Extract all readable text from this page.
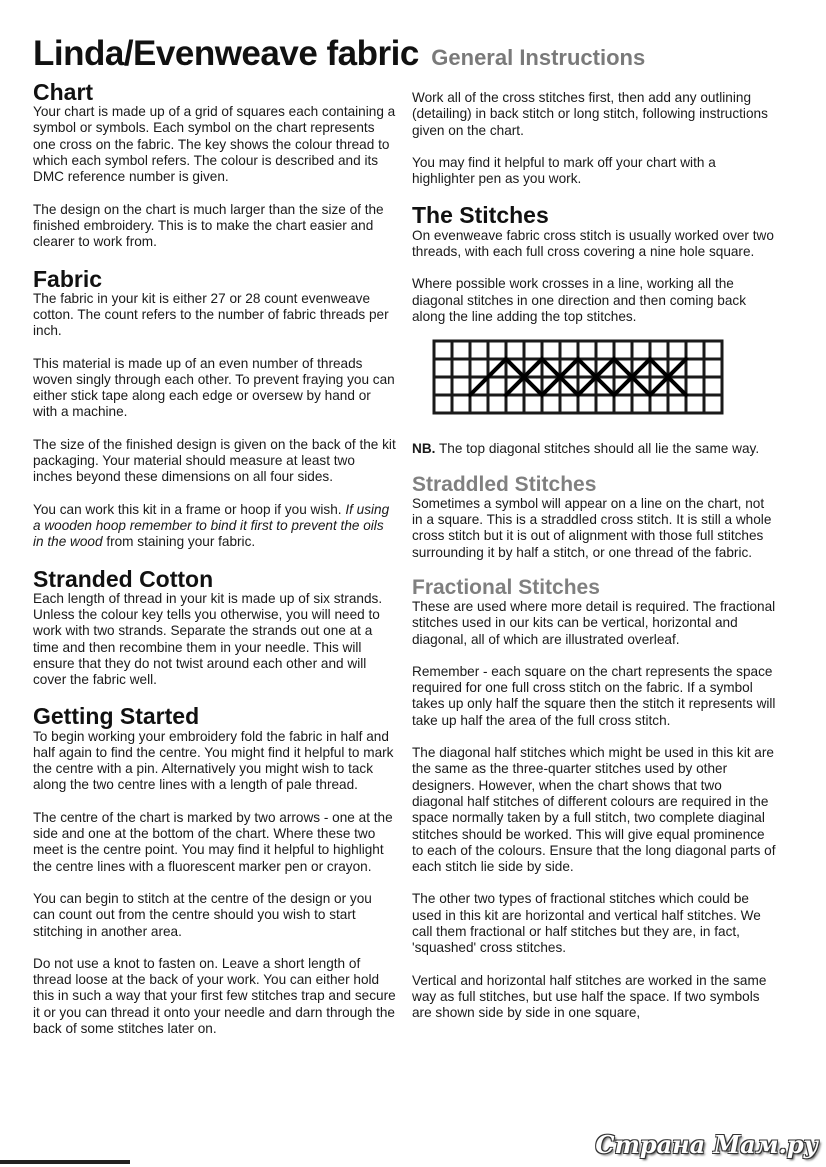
Linda/Evenweave fabric General Instructions
Chart

Your chart is made up of a grid of squares each containing a symbol or symbols. Each symbol on the chart represents one cross on the fabric. The key shows the colour thread to which each symbol refers. The colour is described and its DMC reference number is given.

The design on the chart is much larger than the size of the finished embroidery. This is to make the chart easier and clearer to work from.

Fabric

The fabric in your kit is either 27 or 28 count evenweave cotton. The count refers to the number of fabric threads per inch.

This material is made up of an even number of threads woven singly through each other. To prevent fraying you can either stick tape along each edge or oversew by hand or with a machine.

The size of the finished design is given on the back of the kit packaging. Your material should measure at least two inches beyond these dimensions on all four sides.

You can work this kit in a frame or hoop if you wish. If using a wooden hoop remember to bind it first to prevent the oils in the wood from staining your fabric.

Stranded Cotton

Each length of thread in your kit is made up of six strands. Unless the colour key tells you otherwise, you will need to work with two strands. Separate the strands out one at a time and then recombine them in your needle. This will ensure that they do not twist around each other and will cover the fabric well.

Getting Started

To begin working your embroidery fold the fabric in half and half again to find the centre. You might find it helpful to mark the centre with a pin. Alternatively you might wish to tack along the two centre lines with a length of pale thread.

The centre of the chart is marked by two arrows - one at the side and one at the bottom of the chart. Where these two meet is the centre point. You may find it helpful to highlight the centre lines with a fluorescent marker pen or crayon.

You can begin to stitch at the centre of the design or you can count out from the centre should you wish to start stitching in another area.

Do not use a knot to fasten on. Leave a short length of thread loose at the back of your work. You can either hold this in such a way that your first few stitches trap and secure it or you can thread it onto your needle and darn through the back of some stitches later on.

Work all of the cross stitches first, then add any outlining (detailing) in back stitch or long stitch, following instructions given on the chart.

You may find it helpful to mark off your chart with a highlighter pen as you work.

The Stitches

On evenweave fabric cross stitch is usually worked over two threads, with each full cross covering a nine hole square.

Where possible work crosses in a line, working all the diagonal stitches in one direction and then coming back along the line adding the top stitches.

NB. The top diagonal stitches should all lie the same way.

Straddled Stitches

Sometimes a symbol will appear on a line on the chart, not in a square. This is a straddled cross stitch. It is still a whole cross stitch but it is out of alignment with those full stitches surrounding it by half a stitch, or one thread of the fabric.

Fractional Stitches

These are used where more detail is required. The fractional stitches used in our kits can be vertical, horizontal and diagonal, all of which are illustrated overleaf.

Remember - each square on the chart represents the space required for one full cross stitch on the fabric. If a symbol takes up only half the square then the stitch it represents will take up half the area of the full cross stitch.

The diagonal half stitches which might be used in this kit are the same as the three-quarter stitches used by other designers. However, when the chart shows that two diagonal half stitches of different colours are required in the space normally taken by a full stitch, two complete diaginal stitches should be worked. This will give equal prominence to each of the colours. Ensure that the long diagonal parts of each stitch lie side by side.

The other two types of fractional stitches which could be used in this kit are horizontal and vertical half stitches. We call them fractional or half stitches but they are, in fact, 'squashed' cross stitches.

Vertical and horizontal half stitches are worked in the same way as full stitches, but use half the space. If two symbols are shown side by side in one square,

Страна Мам.ру
